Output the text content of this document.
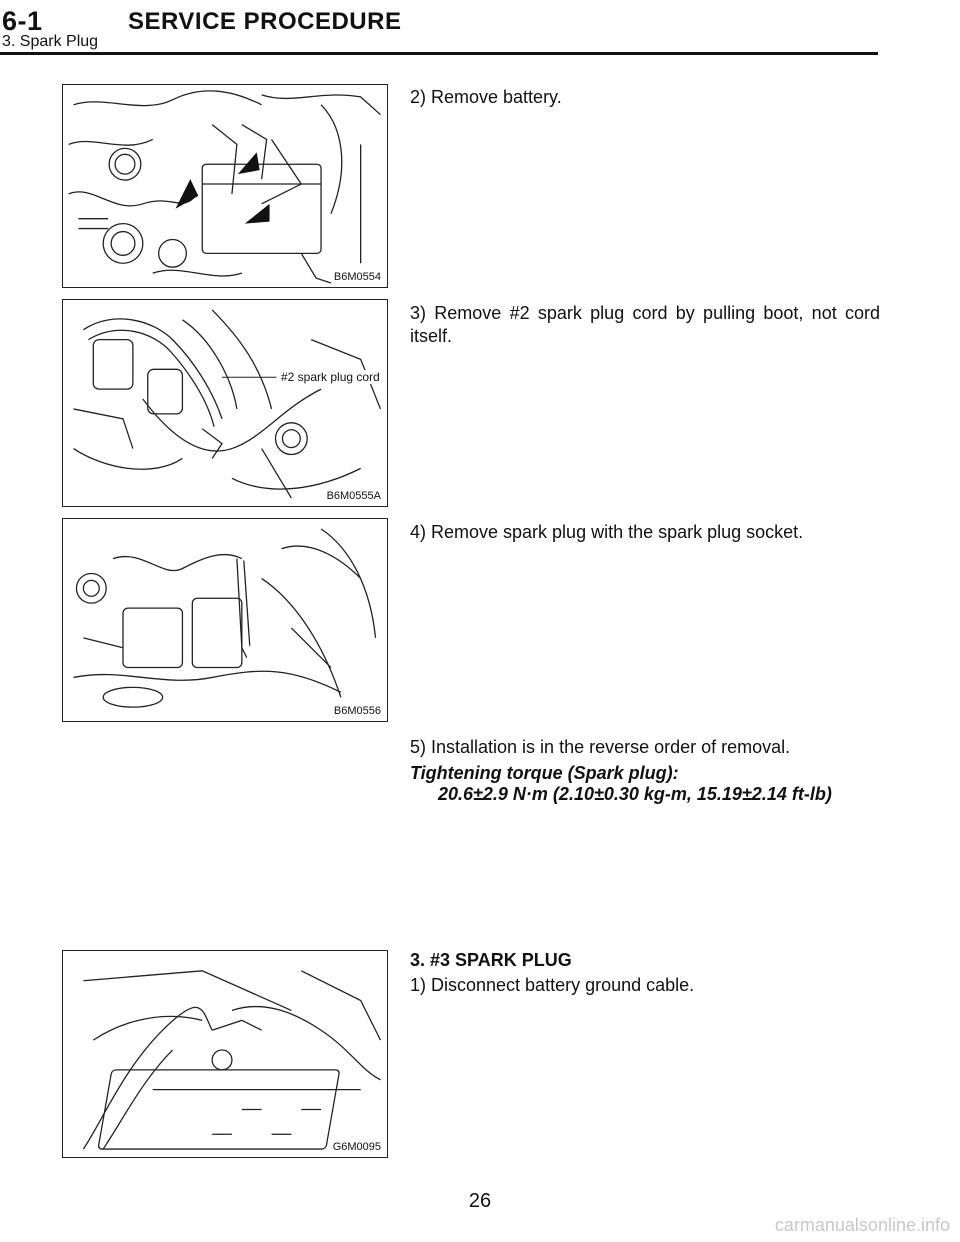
6-1	SERVICE PROCEDURE
3. Spark Plug
B6M0554
#2 spark plug cord
B6M0555A
B6M0556
G6M0095
2) Remove battery.
3) Remove #2 spark plug cord by pulling boot, not cord itself.
4) Remove spark plug with the spark plug socket.
5) Installation is in the reverse order of removal.
Tightening torque (Spark plug):
20.6±2.9 N·m (2.10±0.30 kg-m, 15.19±2.14 ft-lb)
3. #3 SPARK PLUG
1) Disconnect battery ground cable.
26
carmanualsonline.info
